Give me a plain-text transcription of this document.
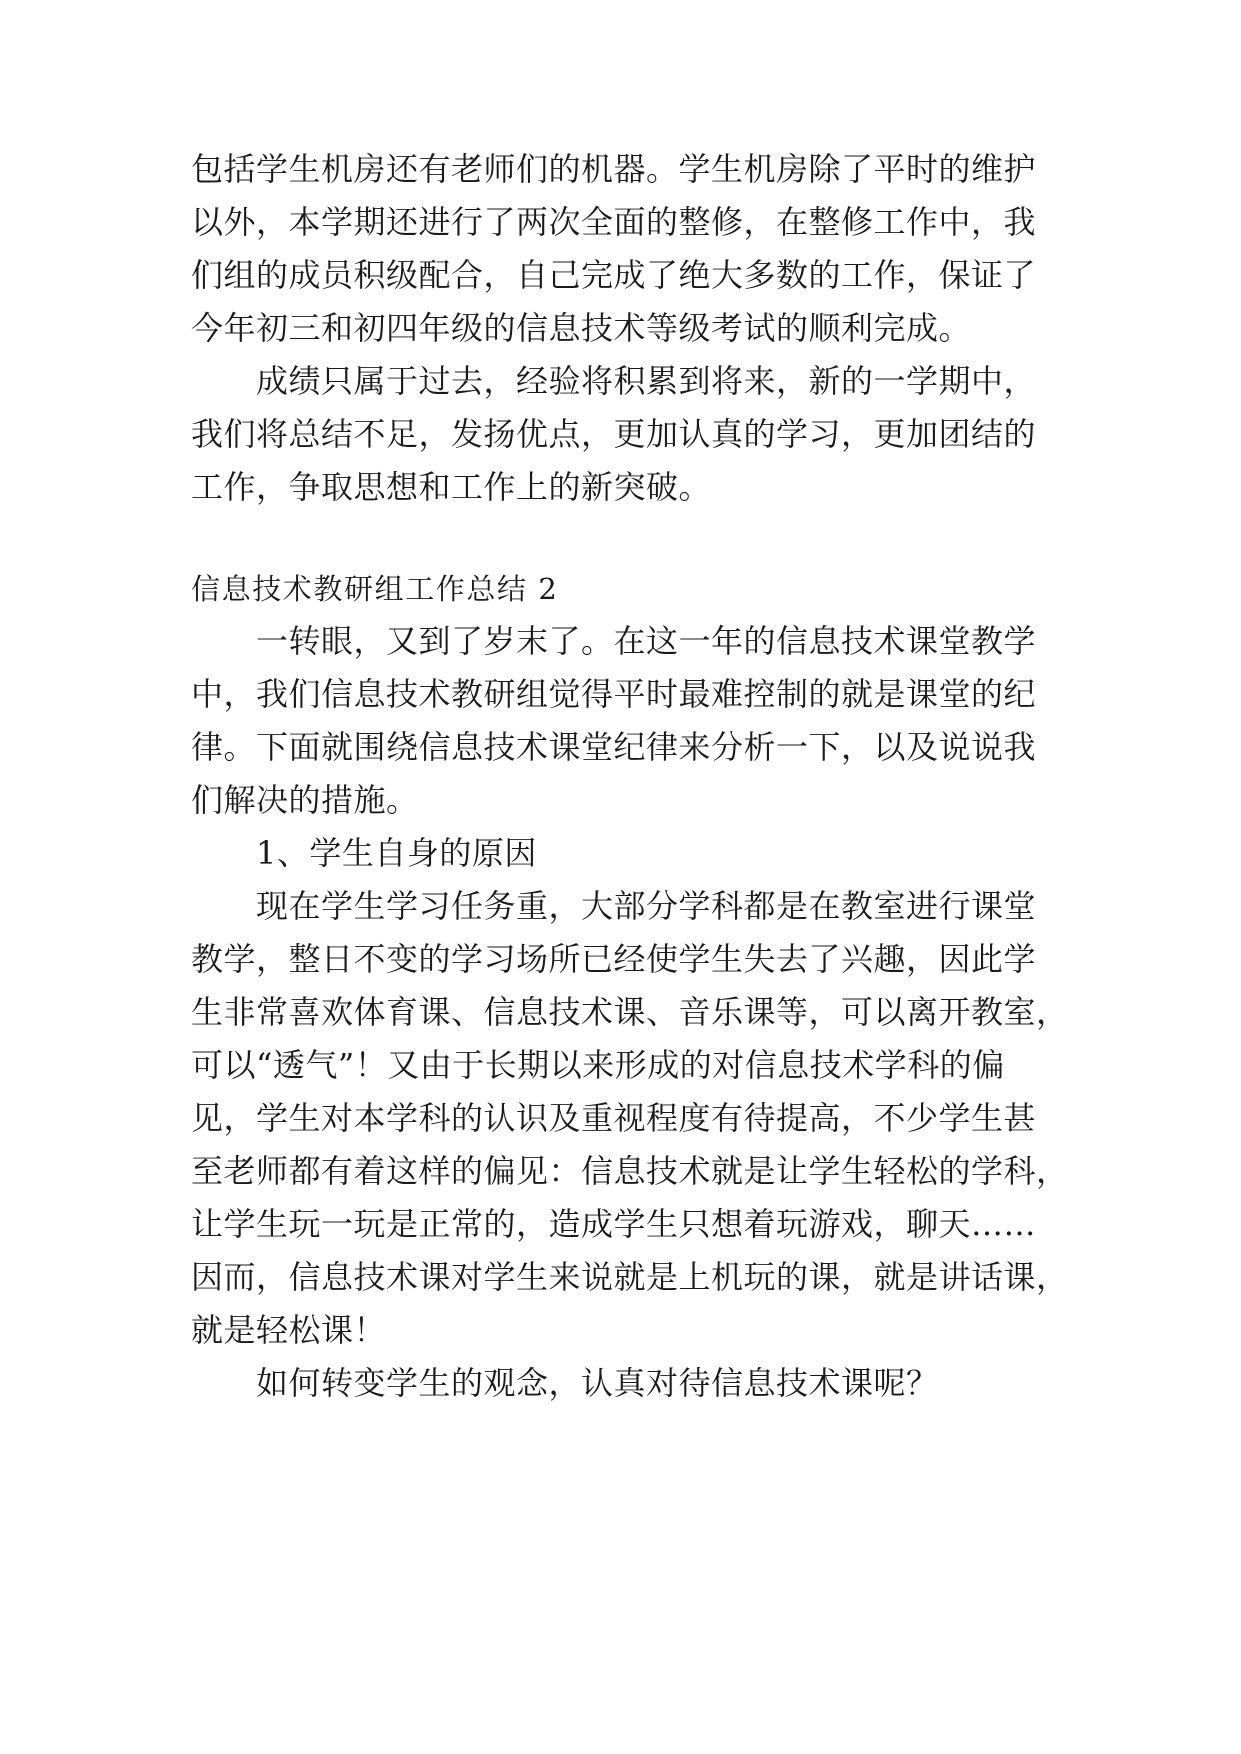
包括学生机房还有老师们的机器。学生机房除了平时的维护
以外，本学期还进行了两次全面的整修，在整修工作中，我
们组的成员积级配合，自己完成了绝大多数的工作，保证了
今年初三和初四年级的信息技术等级考试的顺利完成。
成绩只属于过去，经验将积累到将来，新的一学期中，
我们将总结不足，发扬优点，更加认真的学习，更加团结的
工作，争取思想和工作上的新突破。
信息技术教研组工作总结 2
一转眼，又到了岁末了。在这一年的信息技术课堂教学
中，我们信息技术教研组觉得平时最难控制的就是课堂的纪
律。下面就围绕信息技术课堂纪律来分析一下，以及说说我
们解决的措施。
1、学生自身的原因
现在学生学习任务重，大部分学科都是在教室进行课堂
教学，整日不变的学习场所已经使学生失去了兴趣，因此学
生非常喜欢体育课、信息技术课、音乐课等，可以离开教室，
可以“透气”！又由于长期以来形成的对信息技术学科的偏
见，学生对本学科的认识及重视程度有待提高，不少学生甚
至老师都有着这样的偏见：信息技术就是让学生轻松的学科，
让学生玩一玩是正常的，造成学生只想着玩游戏，聊天……
因而，信息技术课对学生来说就是上机玩的课，就是讲话课，
就是轻松课！
如何转变学生的观念，认真对待信息技术课呢？
